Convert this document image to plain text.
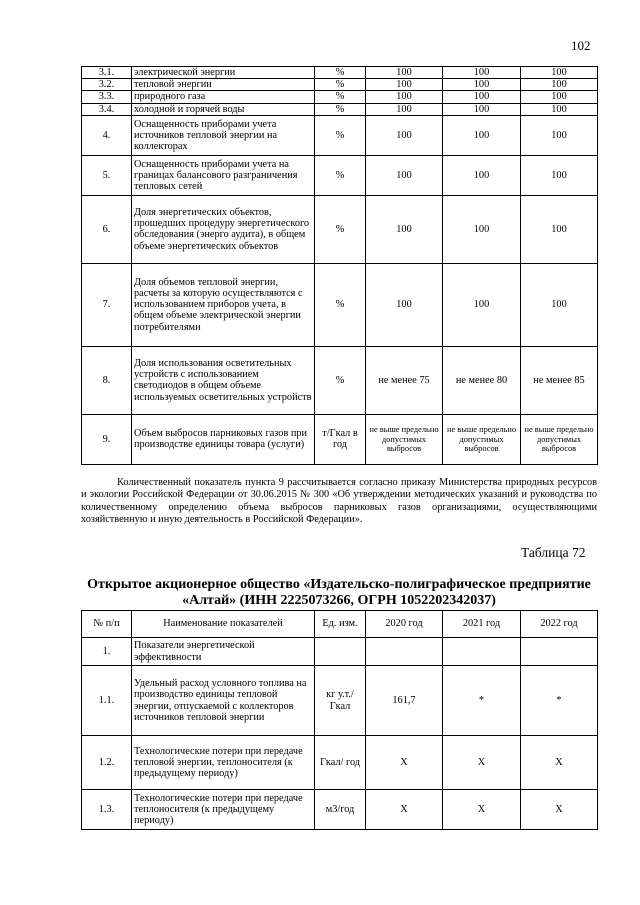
102
3.1.	электрической энергии	%	100	100	100
3.2.	тепловой энергии	%	100	100	100
3.3.	природного газа	%	100	100	100
3.4.	холодной и горячей воды	%	100	100	100
4.	Оснащенность приборами учета источников тепловой энергии на коллекторах	%	100	100	100
5.	Оснащенность приборами учета на границах балансового разграничения тепловых сетей	%	100	100	100
6.	Доля энергетических объектов, прошедших процедуру энергетического обследования (энерго аудита), в общем объеме энергетических объектов	%	100	100	100
7.	Доля объемов тепловой энергии, расчеты за которую осуществляются с использованием приборов учета, в общем объеме электрической энергии потребителями	%	100	100	100
8.	Доля использования осветительных устройств с использованием светодиодов в общем объеме используемых осветительных устройств	%	не менее 75	не менее 80	не менее 85
9.	Объем выбросов парниковых газов при производстве единицы товара (услуги)	т/Гкал в год	не выше предельно допустимых выбросов	не выше предельно допустимых выбросов	не выше предельно допустимых выбросов
Количественный показатель пункта 9 рассчитывается согласно приказу Министерства природных ресурсов и экологии Российской Федерации от 30.06.2015 № 300 «Об утверждении методических указаний и руководства по количественному определению объема выбросов парниковых газов организациями, осуществляющими хозяйственную и иную деятельность в Российской Федерации».
Таблица 72
Открытое акционерное общество «Издательско-полиграфическое предприятие «Алтай» (ИНН 2225073266, ОГРН 1052202342037)
№ п/п	Наименование показателей	Ед. изм.	2020 год	2021 год	2022 год
1.	Показатели энергетической эффективности				
1.1.	Удельный расход условного топлива на производство единицы тепловой энергии, отпускаемой с коллекторов источников тепловой энергии	кг у.т./ Гкал	161,7	*	*
1.2.	Технологические потери при передаче тепловой энергии, теплоносителя (к предыдущему периоду)	Гкал/ год	Х	Х	Х
1.3.	Технологические потери при передаче теплоносителя (к предыдущему периоду)	м3/год	Х	Х	Х
